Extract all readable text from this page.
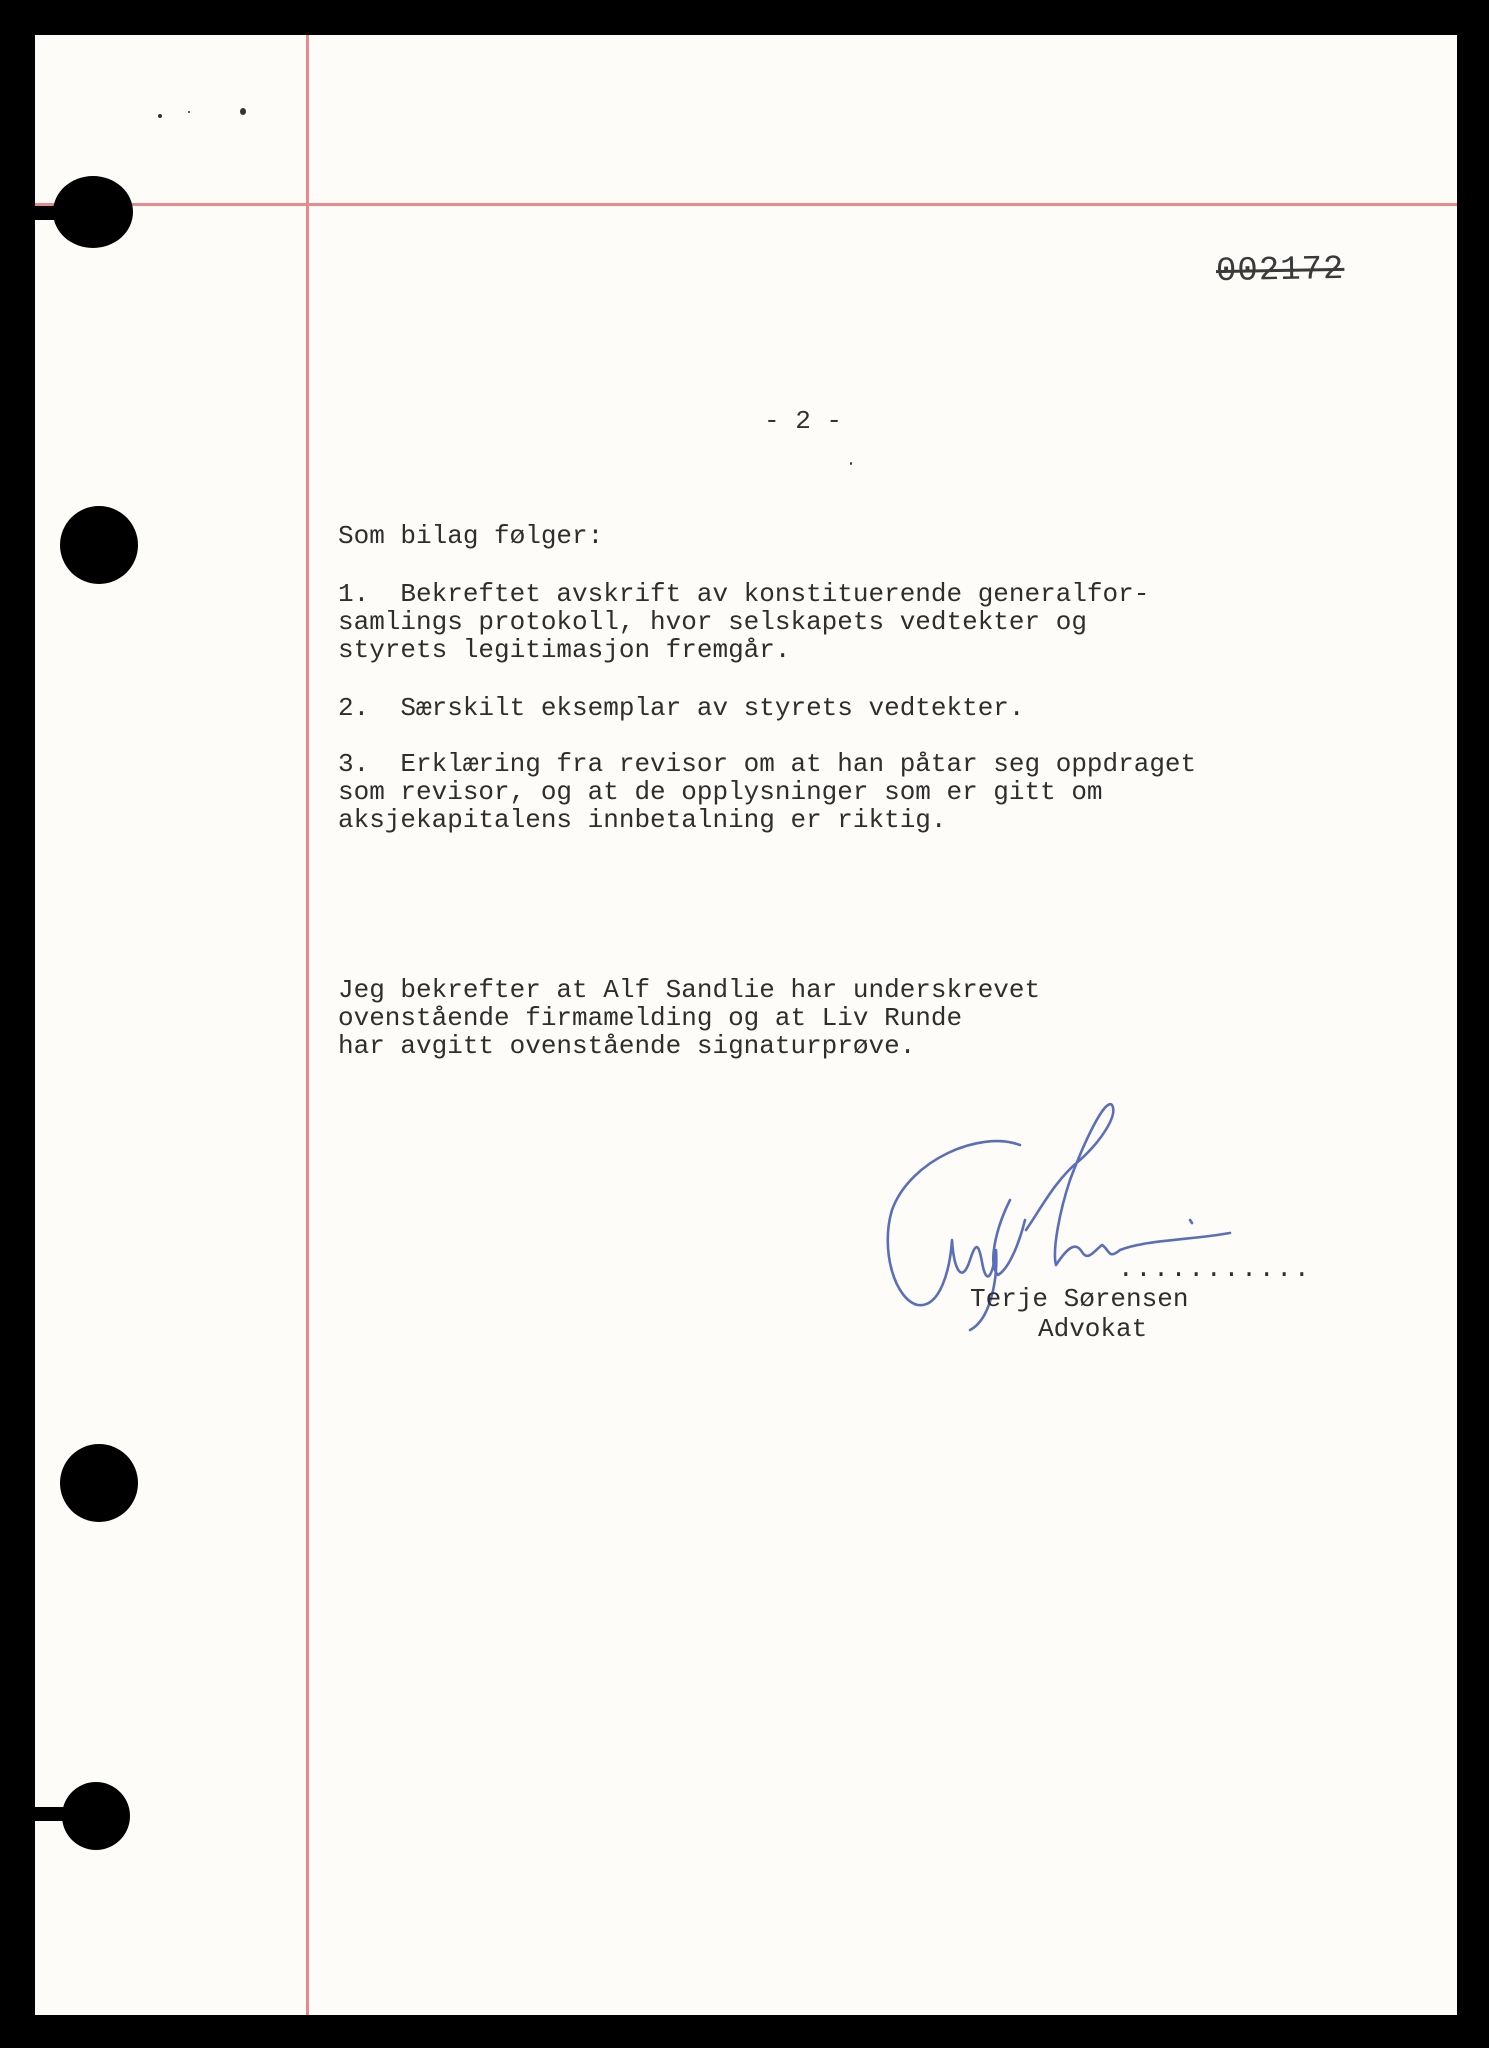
002172
- 2 -
Som bilag følger:
1.  Bekreftet avskrift av konstituerende generalfor-
samlings protokoll, hvor selskapets vedtekter og
styrets legitimasjon fremgår.
2.  Særskilt eksemplar av styrets vedtekter.
3.  Erklæring fra revisor om at han påtar seg oppdraget
som revisor, og at de opplysninger som er gitt om
aksjekapitalens innbetalning er riktig.
Jeg bekrefter at Alf Sandlie har underskrevet
ovenstående firmamelding og at Liv Runde
har avgitt ovenstående signaturprøve.
...........
Terje Sørensen
Advokat
